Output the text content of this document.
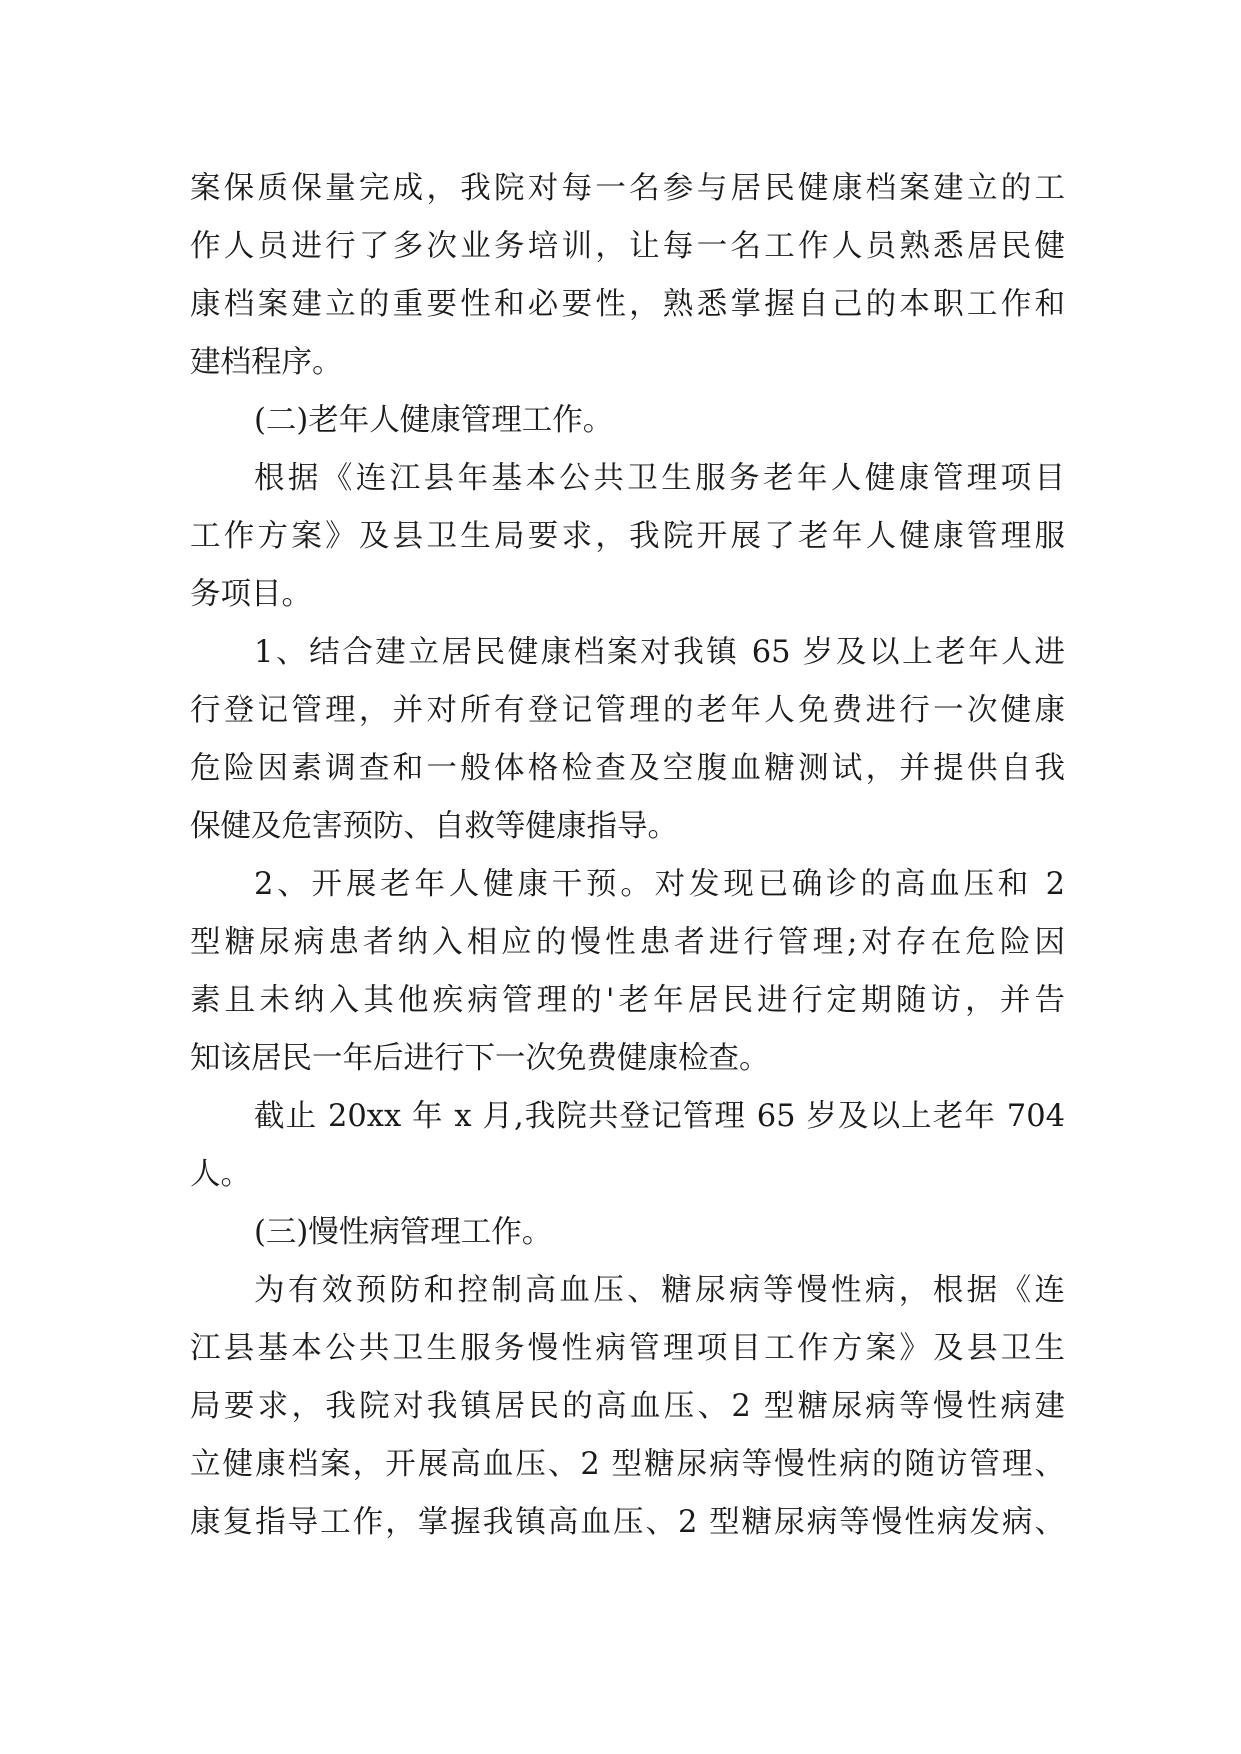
案保质保量完成，我院对每一名参与居民健康档案建立的工
作人员进行了多次业务培训，让每一名工作人员熟悉居民健
康档案建立的重要性和必要性，熟悉掌握自己的本职工作和
建档程序。
(二)老年人健康管理工作。
根据《连江县年基本公共卫生服务老年人健康管理项目
工作方案》及县卫生局要求，我院开展了老年人健康管理服
务项目。
1、结合建立居民健康档案对我镇 65 岁及以上老年人进
行登记管理，并对所有登记管理的老年人免费进行一次健康
危险因素调查和一般体格检查及空腹血糖测试，并提供自我
保健及危害预防、自救等健康指导。
2、开展老年人健康干预。对发现已确诊的高血压和 2
型糖尿病患者纳入相应的慢性患者进行管理;对存在危险因
素且未纳入其他疾病管理的'老年居民进行定期随访，并告
知该居民一年后进行下一次免费健康检查。
截止 20xx 年 x 月,我院共登记管理 65 岁及以上老年 704
人。
(三)慢性病管理工作。
为有效预防和控制高血压、糖尿病等慢性病，根据《连
江县基本公共卫生服务慢性病管理项目工作方案》及县卫生
局要求，我院对我镇居民的高血压、2 型糖尿病等慢性病建
立健康档案，开展高血压、2 型糖尿病等慢性病的随访管理、
康复指导工作，掌握我镇高血压、2 型糖尿病等慢性病发病、
